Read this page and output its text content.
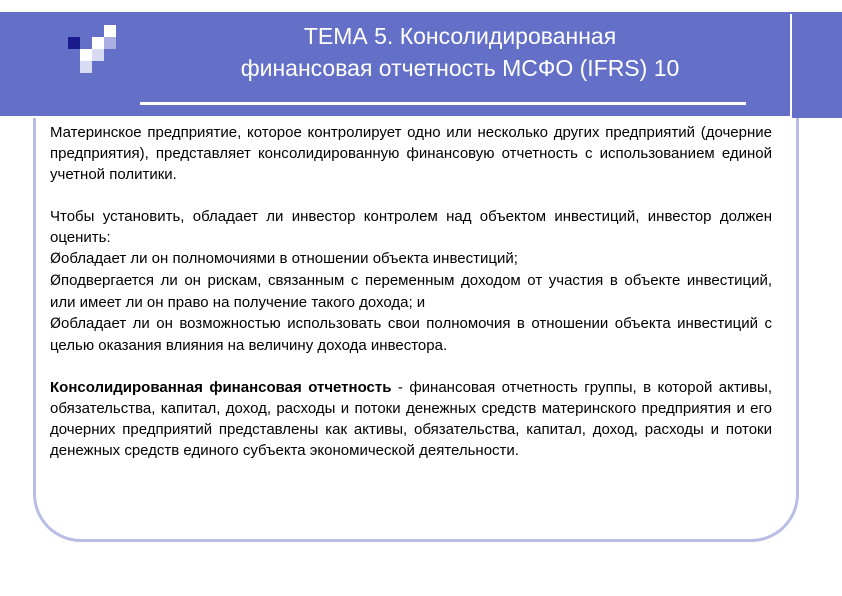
ТЕМА 5. Консолидированная
финансовая отчетность МСФО (IFRS) 10

Материнское предприятие, которое контролирует одно или несколько других предприятий (дочерние предприятия), представляет консолидированную финансовую отчетность с использованием единой учетной политики.

Чтобы установить, обладает ли инвестор контролем над объектом инвестиций, инвестор должен оценить:

Øобладает ли он полномочиями в отношении объекта инвестиций;

Øподвергается ли он рискам, связанным с переменным доходом от участия в объекте инвестиций, или имеет ли он право на получение такого дохода; и

Øобладает ли он возможностью использовать свои полномочия в отношении объекта инвестиций с целью оказания влияния на величину дохода инвестора.

Консолидированная финансовая отчетность - финансовая отчетность группы, в которой активы, обязательства, капитал, доход, расходы и потоки денежных средств материнского предприятия и его дочерних предприятий представлены как активы, обязательства, капитал, доход, расходы и потоки денежных средств единого субъекта экономической деятельности.
